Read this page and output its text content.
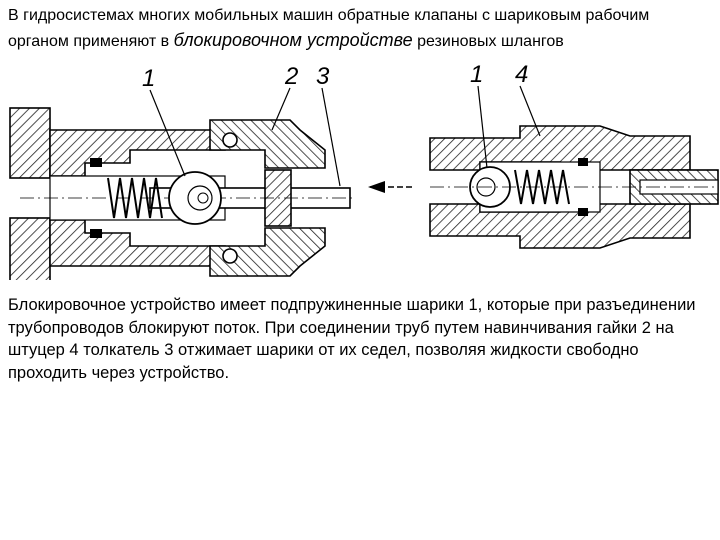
В гидросистемах многих мобильных машин обратные клапаны с шариковым рабочим органом применяют в блокировочном устройстве резиновых шлангов

1	2 3	1 4

Блокировочное устройство имеет подпружиненные шарики 1, которые при разъединении трубопроводов блокируют поток. При соединении труб путем навинчивания гайки 2 на штуцер 4 толкатель 3 отжимает шарики от их седел, позволяя жидкости свободно проходить через устройство.
